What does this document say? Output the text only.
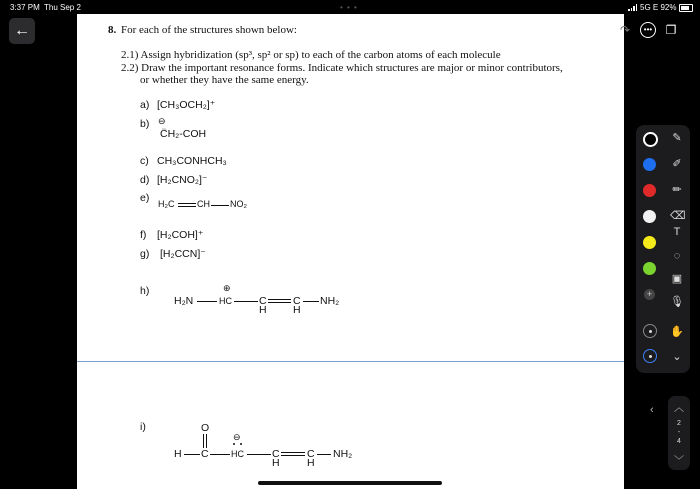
3:37 PM Thu Sep 2	5G E 92%
• • •
←	8. For each of the structures shown below:
2.1) Assign hybridization (sp³, sp² or sp) to each of the carbon atoms of each molecule
2.2) Draw the important resonance forms. Indicate which structures are major or minor contributors,
or whether they have the same energy.
a) [CH₃OCH₂]⁺
b) ⊖
C̈H₂-COH
c) CH₃CONHCH₃
d) [H₂CNO₂]⁻
e) H₂C	CH NO₂
f) [H₂COH]⁺
g) [H₂CCN]⁻
h)
H₂N
⊕
HC	C
H
C
H
NH₂
i)	O
H C
⊖
HC	C
H
C
H
NH₂
↶ ↷	•••	❐
+
✎
✐
✏
⌫
T
◌
▣
🎙
✋
⌄
‹	︿
2
-
4
﹀
